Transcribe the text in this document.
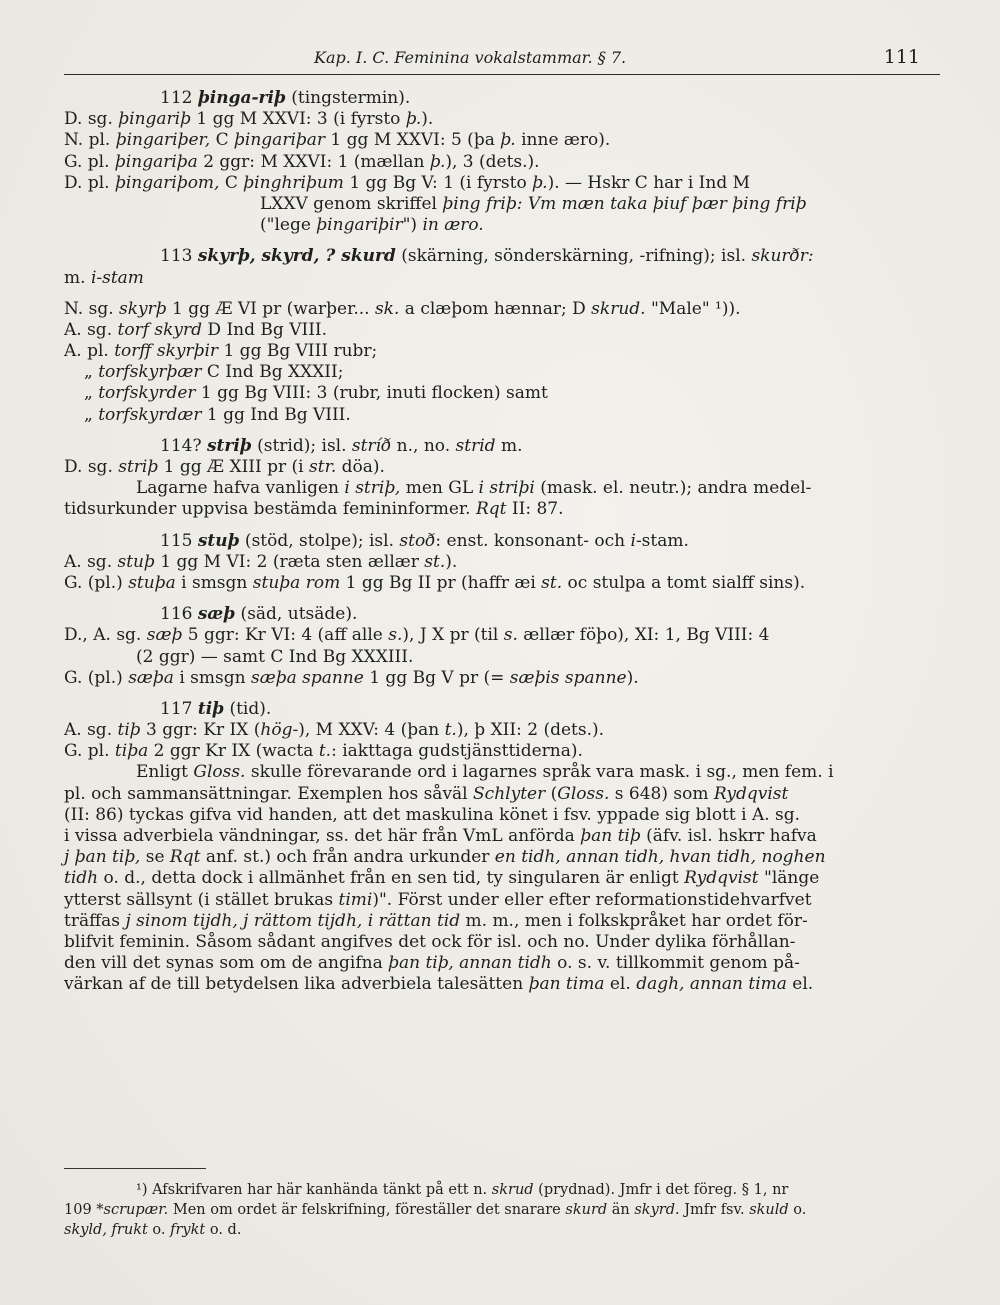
Kap. I. C. Feminina vokalstammar. § 7.	111
112 þinga-riþ (tingstermin).
D. sg. þingariþ 1 gg M XXVI: 3 (i fyrsto þ.).
N. pl. þingariþer, C þingariþar 1 gg M XXVI: 5 (þa þ. inne æro).
G. pl. þingariþa 2 ggr: M XXVI: 1 (mællan þ.), 3 (dets.).
D. pl. þingariþom, C þinghriþum 1 gg Bg V: 1 (i fyrsto þ.). — Hskr C har i Ind M
LXXV genom skriffel þing friþ: Vm mæn taka þiuf þær þing friþ
("lege þingariþir") in æro.
113 skyrþ, skyrd, ? skurd (skärning, sönderskärning, -rifning); isl. skurðr:
m. i-stam
N. sg. skyrþ 1 gg Æ VI pr (warþer... sk. a clæþom hænnar; D skrud. "Male" ¹)).
A. sg. torf skyrd D Ind Bg VIII.
A. pl. torff skyrþir 1 gg Bg VIII rubr;
„ torfskyrþær C Ind Bg XXXII;
„ torfskyrder 1 gg Bg VIII: 3 (rubr, inuti flocken) samt
„ torfskyrdær 1 gg Ind Bg VIII.
114? striþ (strid); isl. stríð n., no. strid m.
D. sg. striþ 1 gg Æ XIII pr (i str. döa).
Lagarne hafva vanligen i striþ, men GL i striþi (mask. el. neutr.); andra medel-
tidsurkunder uppvisa bestämda femininformer. Rqt II: 87.
115 stuþ (stöd, stolpe); isl. stoð: enst. konsonant- och i-stam.
A. sg. stuþ 1 gg M VI: 2 (ræta sten ællær st.).
G. (pl.) stuþa i smsgn stuþa rom 1 gg Bg II pr (haffr æi st. oc stulpa a tomt sialff sins).
116 sæþ (säd, utsäde).
D., A. sg. sæþ 5 ggr: Kr VI: 4 (aff alle s.), J X pr (til s. ællær föþo), XI: 1, Bg VIII: 4
(2 ggr) — samt C Ind Bg XXXIII.
G. (pl.) sæþa i smsgn sæþa spanne 1 gg Bg V pr (= sæþis spanne).
117 tiþ (tid).
A. sg. tiþ 3 ggr: Kr IX (hög-), M XXV: 4 (þan t.), þ XII: 2 (dets.).
G. pl. tiþa 2 ggr Kr IX (wacta t.: iakttaga gudstjänsttiderna).
Enligt Gloss. skulle förevarande ord i lagarnes språk vara mask. i sg., men fem. i
pl. och sammansättningar. Exemplen hos såväl Schlyter (Gloss. s 648) som Rydqvist
(II: 86) tyckas gifva vid handen, att det maskulina könet i fsv. yppade sig blott i A. sg.
i vissa adverbiela vändningar, ss. det här från VmL anförda þan tiþ (äfv. isl. hskrr hafva
j þan tiþ, se Rqt anf. st.) och från andra urkunder en tidh, annan tidh, hvan tidh, noghen
tidh o. d., detta dock i allmänhet från en sen tid, ty singularen är enligt Rydqvist "länge
ytterst sällsynt (i stället brukas timi)". Först under eller efter reformationstidehvarfvet
träffas j sinom tijdh, j rättom tijdh, i rättan tid m. m., men i folkskpråket har ordet för-
blifvit feminin. Såsom sådant angifves det ock för isl. och no. Under dylika förhållan-
den vill det synas som om de angifna þan tiþ, annan tidh o. s. v. tillkommit genom på-
värkan af de till betydelsen lika adverbiela talesätten þan tima el. dagh, annan tima el.
¹) Afskrifvaren har här kanhända tänkt på ett n. skrud (prydnad). Jmfr i det föreg. § 1, nr
109 *scrupær. Men om ordet är felskrifning, föreställer det snarare skurd än skyrd. Jmfr fsv. skuld o.
skyld, frukt o. frykt o. d.
